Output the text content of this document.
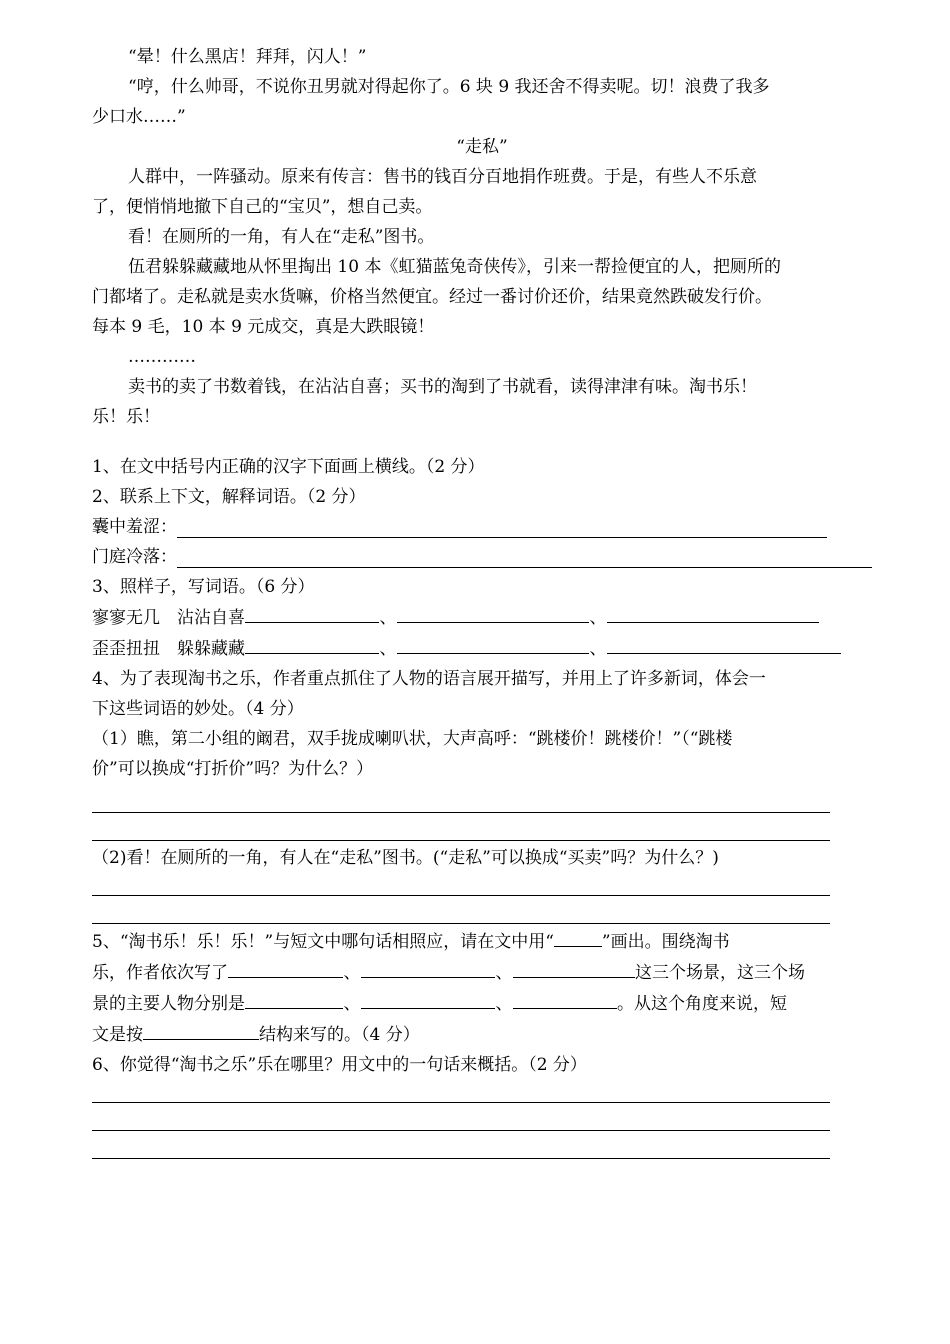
“晕！什么黑店！拜拜，闪人！”

“哼，什么帅哥，不说你丑男就对得起你了。6 块 9 我还舍不得卖呢。切！浪费了我多

少口水……”

“走私”

人群中，一阵骚动。原来有传言：售书的钱百分百地捐作班费。于是，有些人不乐意

了，便悄悄地撤下自己的“宝贝”，想自己卖。

看！在厕所的一角，有人在“走私”图书。

伍君躲躲藏藏地从怀里掏出 10 本《虹猫蓝兔奇侠传》，引来一帮捡便宜的人，把厕所的

门都堵了。走私就是卖水货嘛，价格当然便宜。经过一番讨价还价，结果竟然跌破发行价。

每本 9 毛，10 本 9 元成交，真是大跌眼镜！

…………

卖书的卖了书数着钱，在沾沾自喜；买书的淘到了书就看，读得津津有味。淘书乐！

乐！乐！

1、在文中括号内正确的汉字下面画上横线。（2 分）

2、联系上下文，解释词语。（2 分）

囊中羞涩：
门庭冷落：

3、照样子，写词语。（6 分）

寥寥无几　沾沾自喜	、	、

歪歪扭扭　躲躲藏藏	、	、

4、为了表现淘书之乐，作者重点抓住了人物的语言展开描写，并用上了许多新词，体会一

下这些词语的妙处。（4 分）

（1）瞧，第二小组的阚君，双手拢成喇叭状，大声高呼：“跳楼价！跳楼价！”（“跳楼

价”可以换成“打折价”吗？为什么？）

（2)看！在厕所的一角，有人在“走私”图书。(“走私”可以换成“买卖”吗？为什么？)

5、“淘书乐！乐！乐！”与短文中哪句话相照应，请在文中用“	”画出。围绕淘书

乐，作者依次写了	、	、	这三个场景，这三个场

景的主要人物分别是	、	、	。从这个角度来说，短

文是按	结构来写的。（4 分）

6、你觉得“淘书之乐”乐在哪里？用文中的一句话来概括。（2 分）
